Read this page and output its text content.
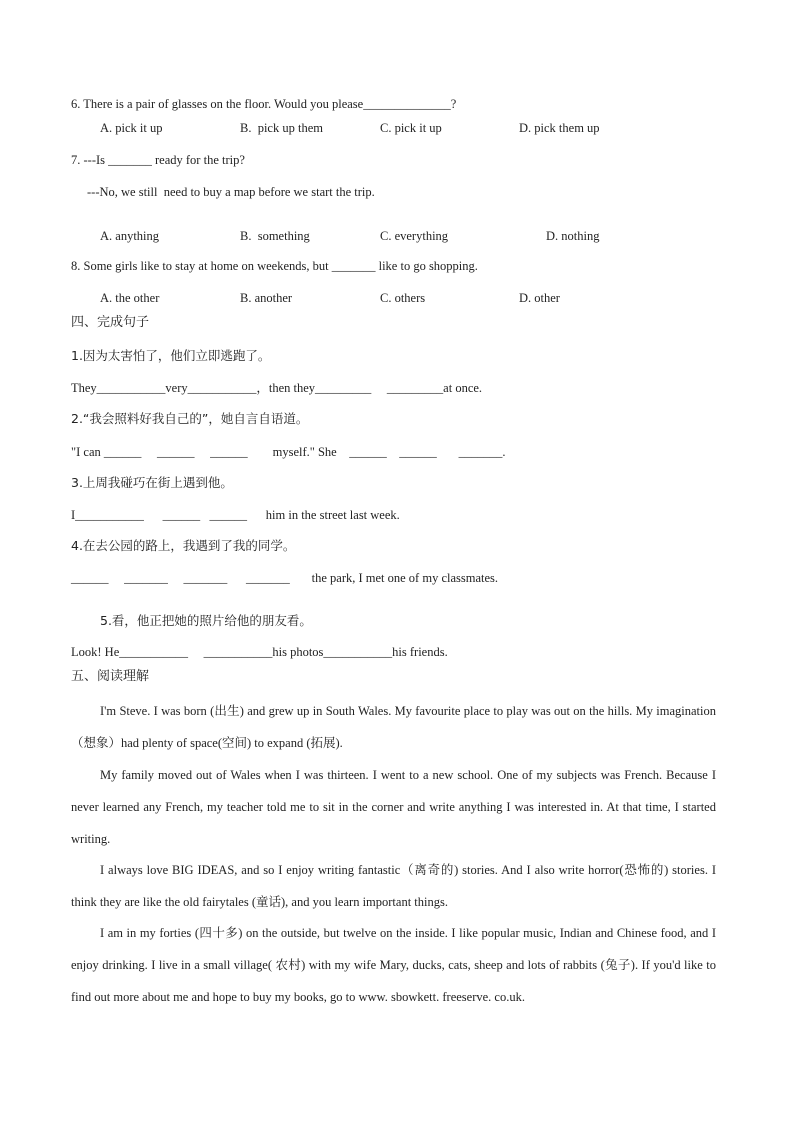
6. There is a pair of glasses on the floor. Would you please______________?
A. pick it up	B.  pick up them	C. pick it up	D. pick them up
7. ---Is _______ ready for the trip?
---No, we still  need to buy a map before we start the trip.
A. anything	B.  something	C. everything	D. nothing
8. Some girls like to stay at home on weekends, but _______ like to go shopping.
A. the other	B. another	C. others	D. other
四、完成句子
1.因为太害怕了，他们立即逃跑了。
They___________very___________，then they_________     _________at once.
2.“我会照料好我自己的”，她自言自语道。
"I can ______     ______     ______        myself." She    ______    ______       _______.
3.上周我碰巧在街上遇到他。
I___________      ______   ______      him in the street last week.
4.在去公园的路上，我遇到了我的同学。
______     _______     _______      _______       the park, I met one of my classmates.
5.看，他正把她的照片给他的朋友看。
Look! He___________     ___________his photos___________his friends.
五、阅读理解
I'm Steve. I was born (出生) and grew up in South Wales. My favourite place to play was out on the hills. My imagination （想象）had plenty of space(空间) to expand (拓展).
My family moved out of Wales when I was thirteen. I went to a new school. One of my subjects was French. Because I never learned any French, my teacher told me to sit in the corner and write anything I was interested in. At that time, I started writing.
I always love BIG IDEAS, and so I enjoy writing fantastic（离奇的) stories. And I also write horror(恐怖的) stories. I think they are like the old fairytales (童话), and you learn important things.
I am in my forties (四十多) on the outside, but twelve on the inside. I like popular music, Indian and Chinese food, and I enjoy drinking. I live in a small village( 农村) with my wife Mary, ducks, cats, sheep and lots of rabbits (兔子). If you'd like to find out more about me and hope to buy my books, go to www. sbowkett. freeserve. co.uk.
